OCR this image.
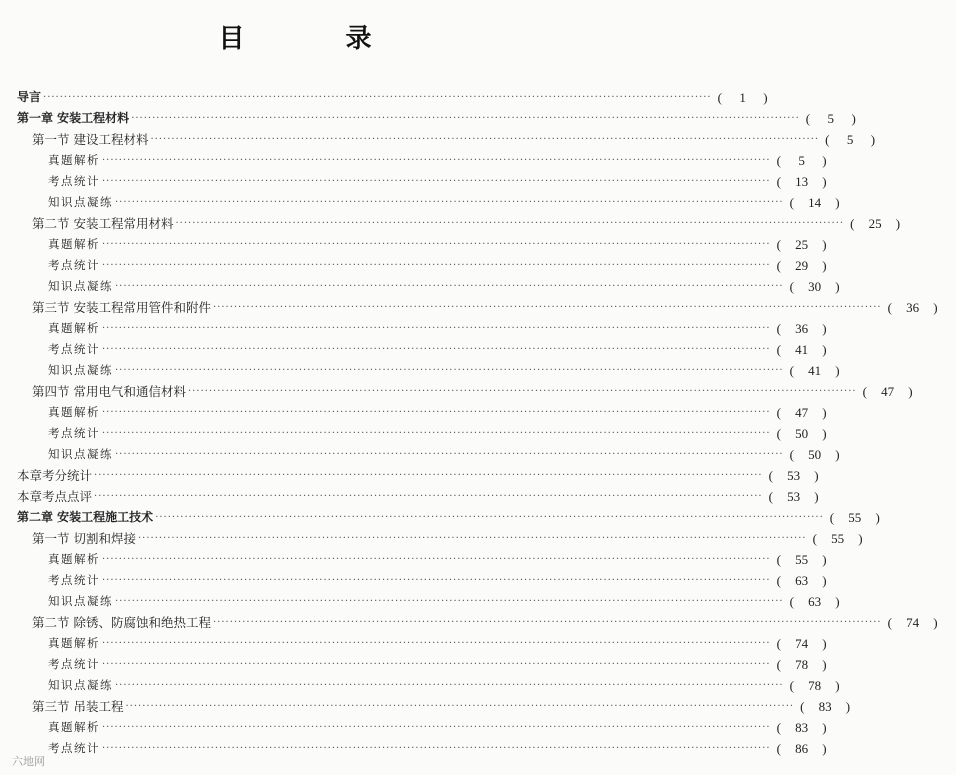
目 录
导言 ································································································································································ (	1	)
第一章 安装工程材料 ································································································································································ (	5	)
第一节 建设工程材料 ································································································································································ (	5	)
真题解析 ································································································································································ (	5	)
考点统计 ································································································································································ (	13	)
知识点凝练 ································································································································································ (	14	)
第二节 安装工程常用材料 ································································································································································ (	25	)
真题解析 ································································································································································ (	25	)
考点统计 ································································································································································ (	29	)
知识点凝练 ································································································································································ (	30	)
第三节 安装工程常用管件和附件 ································································································································································ (	36	)
真题解析 ································································································································································ (	36	)
考点统计 ································································································································································ (	41	)
知识点凝练 ································································································································································ (	41	)
第四节 常用电气和通信材料 ································································································································································ (	47	)
真题解析 ································································································································································ (	47	)
考点统计 ································································································································································ (	50	)
知识点凝练 ································································································································································ (	50	)
本章考分统计 ································································································································································ (	53	)
本章考点点评 ································································································································································ (	53	)
第二章 安装工程施工技术 ································································································································································ (	55	)
第一节 切割和焊接 ································································································································································ (	55	)
真题解析 ································································································································································ (	55	)
考点统计 ································································································································································ (	63	)
知识点凝练 ································································································································································ (	63	)
第二节 除锈、防腐蚀和绝热工程 ································································································································································ (	74	)
真题解析 ································································································································································ (	74	)
考点统计 ································································································································································ (	78	)
知识点凝练 ································································································································································ (	78	)
第三节 吊装工程 ································································································································································ (	83	)
真题解析 ································································································································································ (	83	)
考点统计 ································································································································································ (	86	)
六地网
